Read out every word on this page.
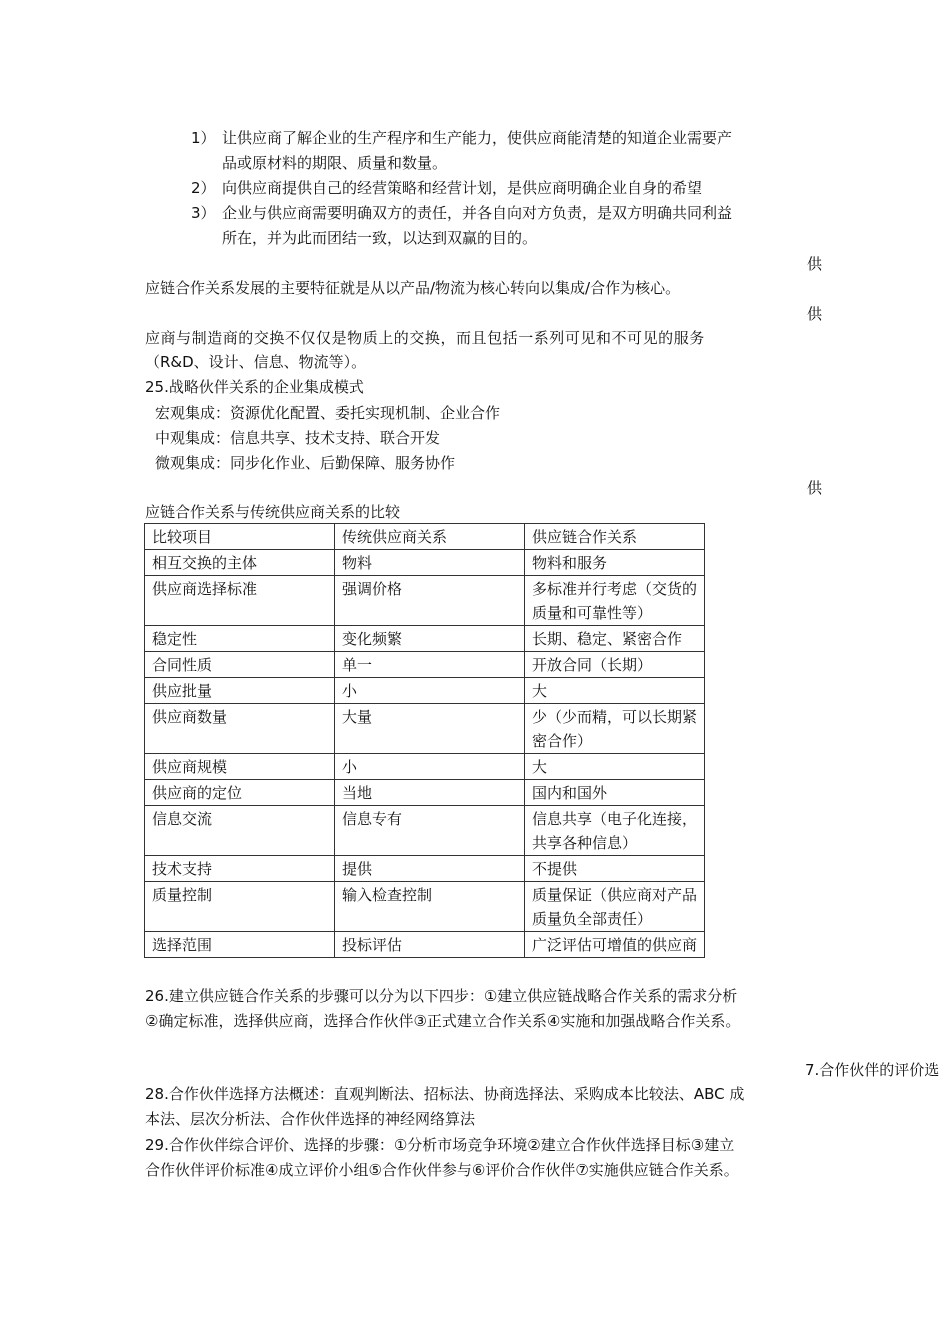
1） 让供应商了解企业的生产程序和生产能力，使供应商能清楚的知道企业需要产
品或原材料的期限、质量和数量。
2） 向供应商提供自己的经营策略和经营计划，是供应商明确企业自身的希望
3） 企业与供应商需要明确双方的责任，并各自向对方负责，是双方明确共同利益
所在，并为此而团结一致，以达到双赢的目的。
供
应链合作关系发展的主要特征就是从以产品/物流为核心转向以集成/合作为核心。
供
应商与制造商的交换不仅仅是物质上的交换，而且包括一系列可见和不可见的服务
（R&D、设计、信息、物流等）。
25.战略伙伴关系的企业集成模式
宏观集成：资源优化配置、委托实现机制、企业合作
中观集成：信息共享、技术支持、联合开发
微观集成：同步化作业、后勤保障、服务协作
供
应链合作关系与传统供应商关系的比较
比较项目	传统供应商关系	供应链合作关系
相互交换的主体	物料	物料和服务
供应商选择标准	强调价格	多标准并行考虑（交货的质量和可靠性等）
稳定性	变化频繁	长期、稳定、紧密合作
合同性质	单一	开放合同（长期）
供应批量	小	大
供应商数量	大量	少（少而精，可以长期紧密合作）
供应商规模	小	大
供应商的定位	当地	国内和国外
信息交流	信息专有	信息共享（电子化连接，共享各种信息）
技术支持	提供	不提供
质量控制	输入检查控制	质量保证（供应商对产品质量负全部责任）
选择范围	投标评估	广泛评估可增值的供应商
26.建立供应链合作关系的步骤可以分为以下四步：①建立供应链战略合作关系的需求分析
②确定标准，选择供应商，选择合作伙伴③正式建立合作关系④实施和加强战略合作关系。
7.合作伙伴的评价选
28.合作伙伴选择方法概述：直观判断法、招标法、协商选择法、采购成本比较法、ABC 成
本法、层次分析法、合作伙伴选择的神经网络算法
29.合作伙伴综合评价、选择的步骤：①分析市场竞争环境②建立合作伙伴选择目标③建立
合作伙伴评价标准④成立评价小组⑤合作伙伴参与⑥评价合作伙伴⑦实施供应链合作关系。
